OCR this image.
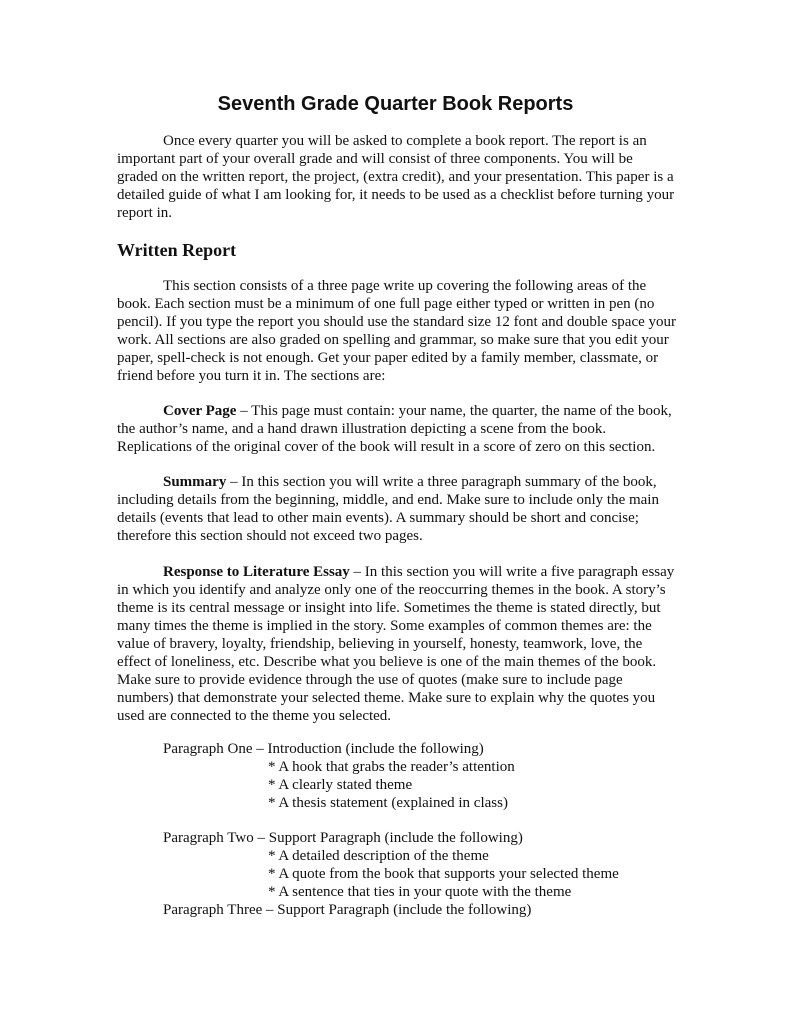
Seventh Grade Quarter Book Reports

Once every quarter you will be asked to complete a book report. The report is an important part of your overall grade and will consist of three components. You will be graded on the written report, the project, (extra credit), and your presentation. This paper is a detailed guide of what I am looking for, it needs to be used as a checklist before turning your report in.

Written Report

This section consists of a three page write up covering the following areas of the book. Each section must be a minimum of one full page either typed or written in pen (no pencil). If you type the report you should use the standard size 12 font and double space your work. All sections are also graded on spelling and grammar, so make sure that you edit your paper, spell-check is not enough. Get your paper edited by a family member, classmate, or friend before you turn it in. The sections are:

Cover Page – This page must contain: your name, the quarter, the name of the book, the author’s name, and a hand drawn illustration depicting a scene from the book. Replications of the original cover of the book will result in a score of zero on this section.

Summary – In this section you will write a three paragraph summary of the book, including details from the beginning, middle, and end. Make sure to include only the main details (events that lead to other main events). A summary should be short and concise; therefore this section should not exceed two pages.

Response to Literature Essay – In this section you will write a five paragraph essay in which you identify and analyze only one of the reoccurring themes in the book. A story’s theme is its central message or insight into life. Sometimes the theme is stated directly, but many times the theme is implied in the story. Some examples of common themes are: the value of bravery, loyalty, friendship, believing in yourself, honesty, teamwork, love, the effect of loneliness, etc. Describe what you believe is one of the main themes of the book. Make sure to provide evidence through the use of quotes (make sure to include page numbers) that demonstrate your selected theme. Make sure to explain why the quotes you used are connected to the theme you selected.

Paragraph One – Introduction (include the following)

* A hook that grabs the reader’s attention

* A clearly stated theme

* A thesis statement (explained in class)

Paragraph Two – Support Paragraph (include the following)

* A detailed description of the theme

* A quote from the book that supports your selected theme

* A sentence that ties in your quote with the theme

Paragraph Three – Support Paragraph (include the following)
